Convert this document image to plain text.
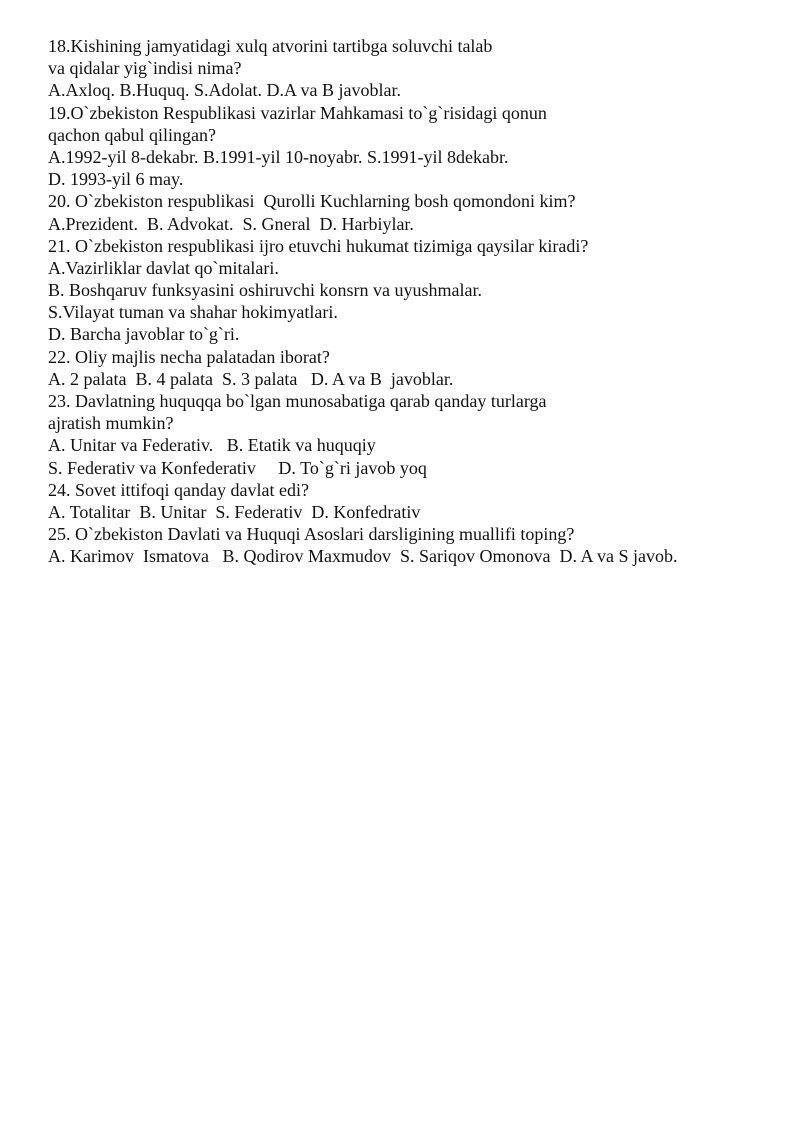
18.Kishining jamyatidagi xulq atvorini tartibga soluvchi talab
va qidalar yig`indisi nima?
A.Axloq. B.Huquq. S.Adolat. D.A va B javoblar.
19.O`zbekiston Respublikasi vazirlar Mahkamasi to`g`risidagi qonun
qachon qabul qilingan?
A.1992-yil 8-dekabr. B.1991-yil 10-noyabr. S.1991-yil 8dekabr.
D. 1993-yil 6 may.
20. O`zbekiston respublikasi  Qurolli Kuchlarning bosh qomondoni kim?
A.Prezident.  B. Advokat.  S. Gneral  D. Harbiylar.
21. O`zbekiston respublikasi ijro etuvchi hukumat tizimiga qaysilar kiradi?
A.Vazirliklar davlat qo`mitalari.
B. Boshqaruv funksyasini oshiruvchi konsrn va uyushmalar.
S.Vilayat tuman va shahar hokimyatlari.
D. Barcha javoblar to`g`ri.
22. Oliy majlis necha palatadan iborat?
A. 2 palata  B. 4 palata  S. 3 palata   D. A va B  javoblar.
23. Davlatning huquqqa bo`lgan munosabatiga qarab qanday turlarga
ajratish mumkin?
A. Unitar va Federativ.   B. Etatik va huquqiy
S. Federativ va Konfederativ     D. To`g`ri javob yoq
24. Sovet ittifoqi qanday davlat edi?
A. Totalitar  B. Unitar  S. Federativ  D. Konfedrativ
25. O`zbekiston Davlati va Huquqi Asoslari darsligining muallifi toping?
A. Karimov  Ismatova   B. Qodirov Maxmudov  S. Sariqov Omonova  D. A va S javob.
